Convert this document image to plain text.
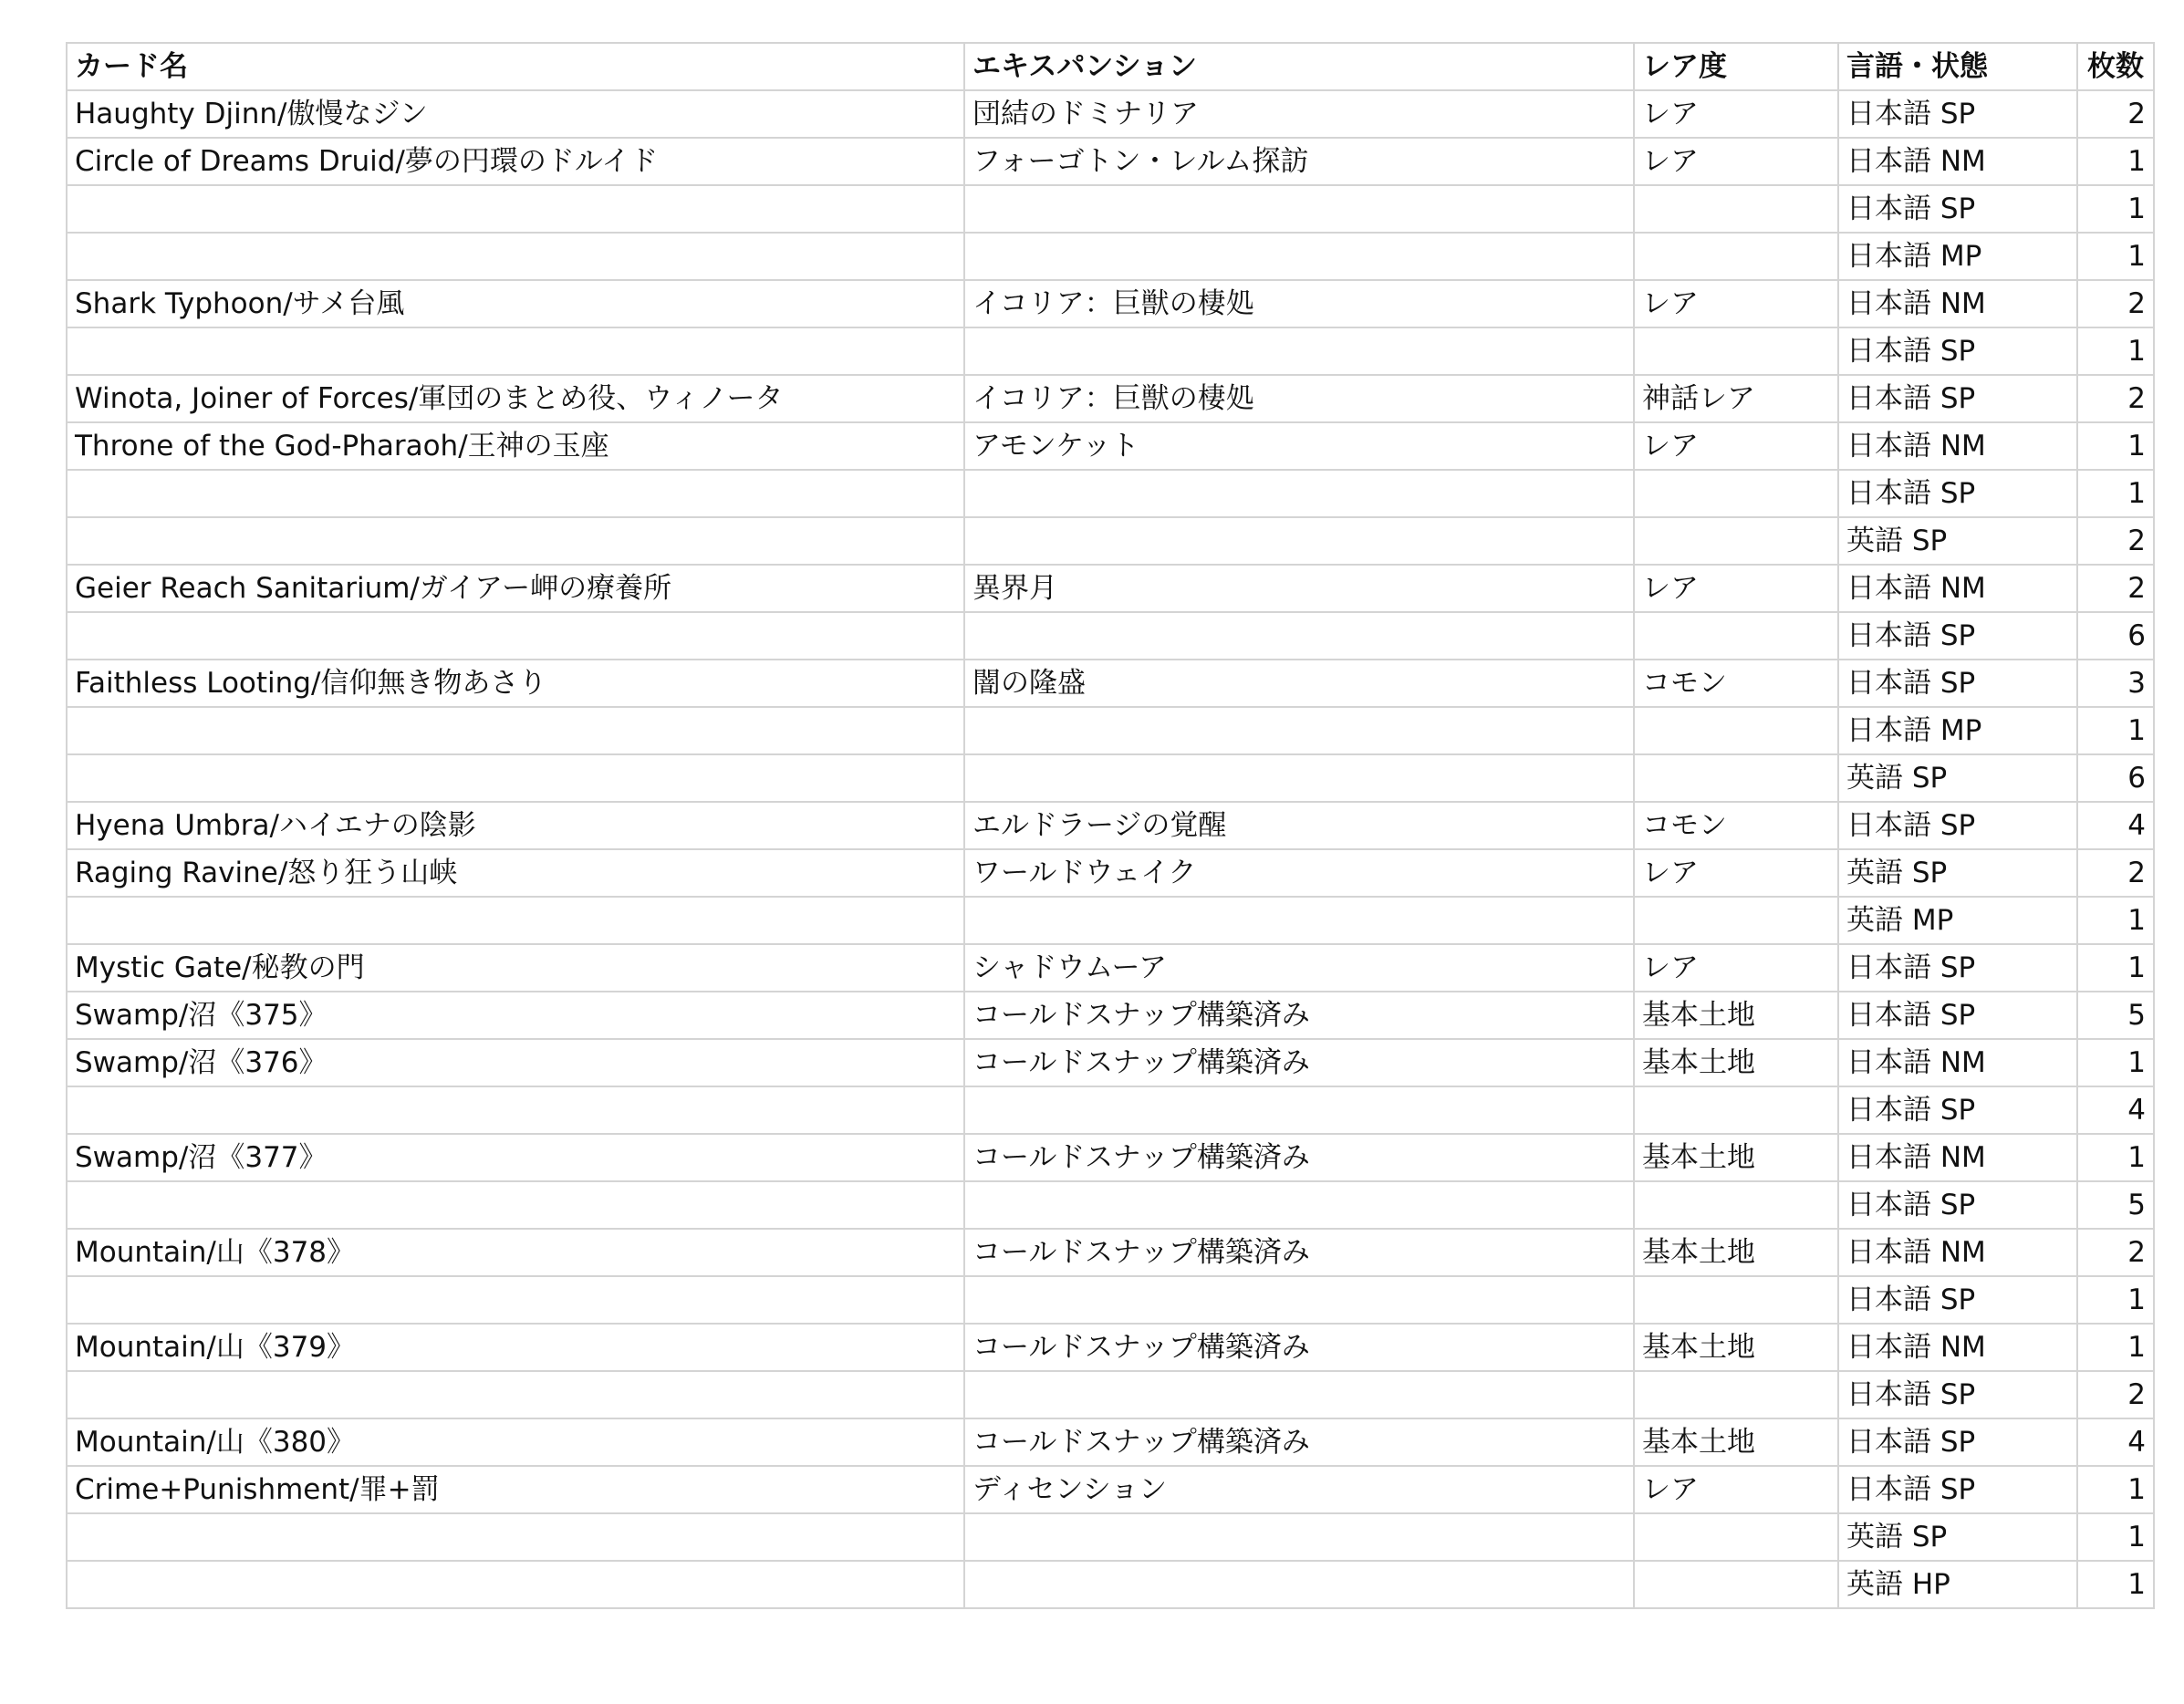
カード名	エキスパンション	レア度	言語・状態	枚数
Haughty Djinn/傲慢なジン	団結のドミナリア	レア	日本語 SP	2
Circle of Dreams Druid/夢の円環のドルイド	フォーゴトン・レルム探訪	レア	日本語 NM	1
			日本語 SP	1
			日本語 MP	1
Shark Typhoon/サメ台風	イコリア：巨獣の棲処	レア	日本語 NM	2
			日本語 SP	1
Winota, Joiner of Forces/軍団のまとめ役、ウィノータ	イコリア：巨獣の棲処	神話レア	日本語 SP	2
Throne of the God-Pharaoh/王神の玉座	アモンケット	レア	日本語 NM	1
			日本語 SP	1
			英語 SP	2
Geier Reach Sanitarium/ガイアー岬の療養所	異界月	レア	日本語 NM	2
			日本語 SP	6
Faithless Looting/信仰無き物あさり	闇の隆盛	コモン	日本語 SP	3
			日本語 MP	1
			英語 SP	6
Hyena Umbra/ハイエナの陰影	エルドラージの覚醒	コモン	日本語 SP	4
Raging Ravine/怒り狂う山峡	ワールドウェイク	レア	英語 SP	2
			英語 MP	1
Mystic Gate/秘教の門	シャドウムーア	レア	日本語 SP	1
Swamp/沼《375》	コールドスナップ構築済み	基本土地	日本語 SP	5
Swamp/沼《376》	コールドスナップ構築済み	基本土地	日本語 NM	1
			日本語 SP	4
Swamp/沼《377》	コールドスナップ構築済み	基本土地	日本語 NM	1
			日本語 SP	5
Mountain/山《378》	コールドスナップ構築済み	基本土地	日本語 NM	2
			日本語 SP	1
Mountain/山《379》	コールドスナップ構築済み	基本土地	日本語 NM	1
			日本語 SP	2
Mountain/山《380》	コールドスナップ構築済み	基本土地	日本語 SP	4
Crime+Punishment/罪+罰	ディセンション	レア	日本語 SP	1
			英語 SP	1
			英語 HP	1
